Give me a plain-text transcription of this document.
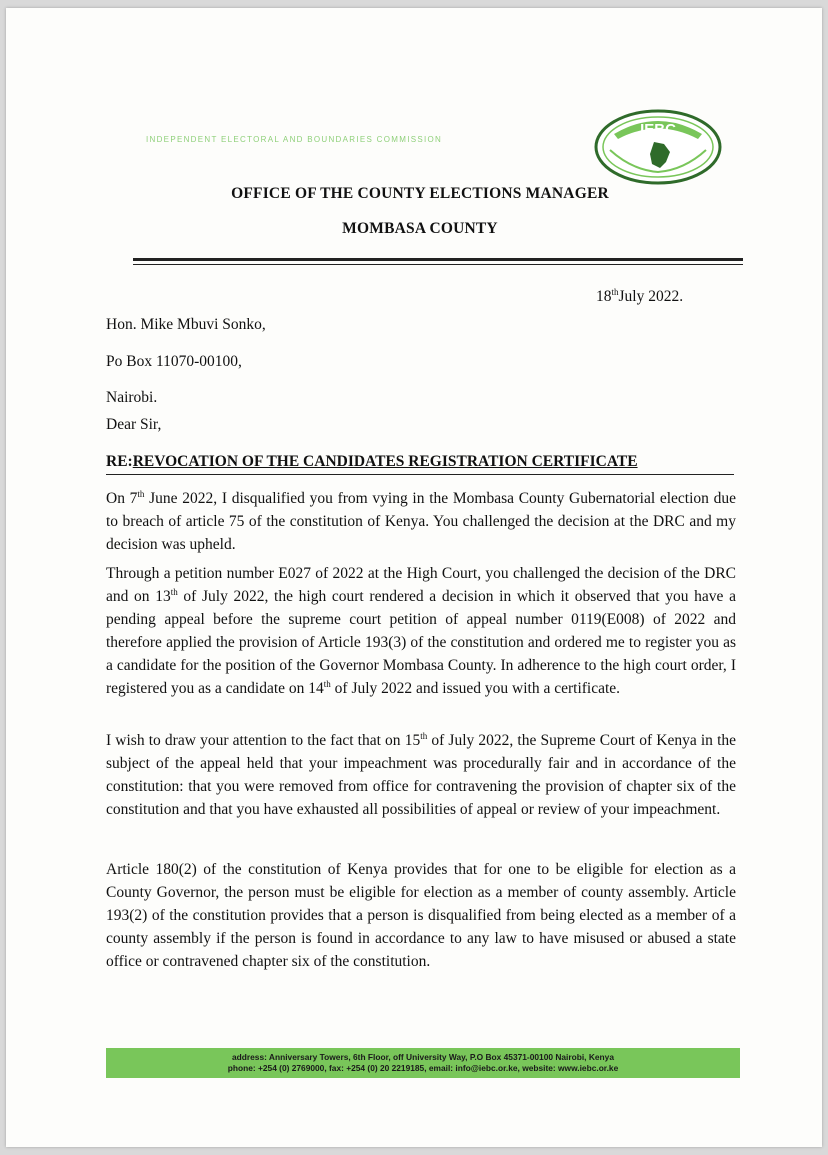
INDEPENDENT ELECTORAL AND BOUNDARIES COMMISSION
IEBC
OFFICE OF THE COUNTY ELECTIONS MANAGER
MOMBASA COUNTY
18thJuly 2022.
Hon. Mike Mbuvi Sonko,
Po Box 11070-00100,
Nairobi.
Dear Sir,
RE:REVOCATION OF THE CANDIDATES REGISTRATION CERTIFICATE
On 7th June 2022, I disqualified you from vying in the Mombasa County Gubernatorial election due to breach of article 75 of the constitution of Kenya. You challenged the decision at the DRC and my decision was upheld.
Through a petition number E027 of 2022 at the High Court, you challenged the decision of the DRC and on 13th of July 2022, the high court rendered a decision in which it observed that you have a pending appeal before the supreme court petition of appeal number 0119(E008) of 2022 and therefore applied the provision of Article 193(3) of the constitution and ordered me to register you as a candidate for the position of the Governor Mombasa County. In adherence to the high court order, I registered you as a candidate on 14th of July 2022 and issued you with a certificate.
I wish to draw your attention to the fact that on 15th of July 2022, the Supreme Court of Kenya in the subject of the appeal held that your impeachment was procedurally fair and in accordance of the constitution: that you were removed from office for contravening the provision of chapter six of the constitution and that you have exhausted all possibilities of appeal or review of your impeachment.
Article 180(2) of the constitution of Kenya provides that for one to be eligible for election as a County Governor, the person must be eligible for election as a member of county assembly. Article 193(2) of the constitution provides that a person is disqualified from being elected as a member of a county assembly if the person is found in accordance to any law to have misused or abused a state office or contravened chapter six of the constitution.
address: Anniversary Towers, 6th Floor, off University Way, P.O Box 45371-00100 Nairobi, Kenya
phone: +254 (0) 2769000, fax: +254 (0) 20 2219185, email: info@iebc.or.ke, website: www.iebc.or.ke
